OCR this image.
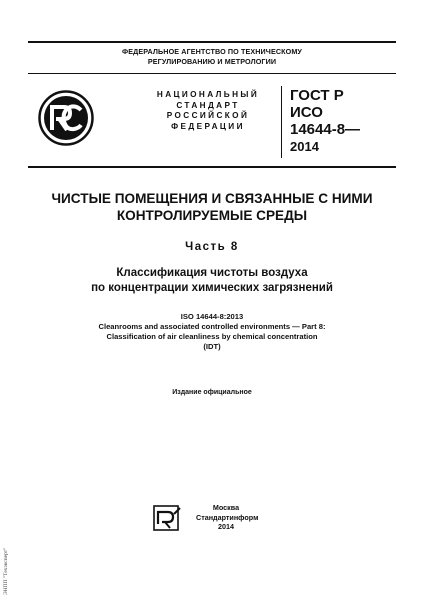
ФЕДЕРАЛЬНОЕ АГЕНТСТВО ПО ТЕХНИЧЕСКОМУ
РЕГУЛИРОВАНИЮ И МЕТРОЛОГИИ
НАЦИОНАЛЬНЫЙ
СТАНДАРТ
РОССИЙСКОЙ
ФЕДЕРАЦИИ
ГОСТ Р
ИСО
14644-8—
2014
ЧИСТЫЕ ПОМЕЩЕНИЯ И СВЯЗАННЫЕ С НИМИ
КОНТРОЛИРУЕМЫЕ СРЕДЫ
Часть 8
Классификация чистоты воздуха
по концентрации химических загрязнений
ISO 14644-8:2013
Cleanrooms and associated controlled environments — Part 8:
Classification of air cleanliness by chemical concentration
(IDT)
Издание официальное
Москва
Стандартинформ
2014
ЭНПП "Техэксперт"
